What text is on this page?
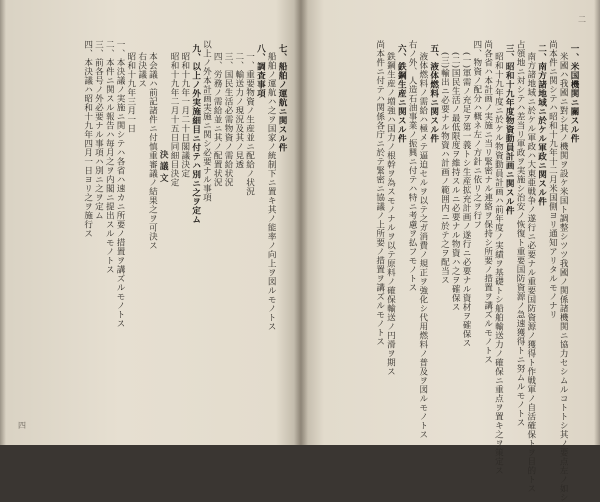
二
一、米国機関ニ關スル件
米國ハ我國ニ對シ其ノ機関ヲ設ケ米国ト調整シツツ我國ノ関係諸機関ニ協力セシムルコトトシ其ノ要点左ノ如シ
尚本件ニ関シテハ昭和十九年十二月米国側ヨリ通知アリタルモノナリ
二、南方諸地域ニ於ケル軍政ニ関スル件
南方諸地域ニ於ケル軍政ハ大東亜戦争ノ遂行ニ必要ナル重要国防資源ノ獲得ト作戦軍ノ自活確保トヲ目的トス
占領地ニ対シテハ差当リ軍政ヲ実施シ治安ノ恢復ト重要国防資源ノ急速獲得トニ努ムルモノトス
三、昭和十九年度物資動員計画ニ関スル件
昭和十九年度ニ於ケル物資動員計画ハ前年度ノ実績ヲ基礎トシ船舶輸送力ノ確保ニ重点ヲ置キ之ヲ策定ス
尚各省ハ本計画ノ実施ニ当リ緊密ナル連絡ヲ保持シ所要ノ措置ヲ講ズルモノトス
四、物資ノ配分ハ概ネ左ノ方針ニ依リ之ヲ行フ
(一)軍需ノ充足ヲ第一義トシ生産拡充計画ノ遂行ニ必要ナル資材ヲ確保ス
(二)国民生活ノ最低限度ヲ維持スルニ必要ナル物資ハ之ヲ確保ス
(三)輸出ニ必要ナル物資ハ計画ノ範囲内ニ於テ之ヲ配当ス
五、液体燃料ニ関スル件
液体燃料ノ需給ハ極メテ逼迫セルヲ以テ之ガ消費ノ規正ヲ強化シ代用燃料ノ普及ヲ図ルモノトス
右ノ外、人造石油事業ノ振興ニ付テハ特ニ考慮ヲ払フモノトス
六、鉄鋼生産ニ関スル件
鉄鋼生産ノ増強ハ国力ノ根幹ヲ為スモノナルヲ以テ原料ノ確保輸送ノ円滑ヲ期ス
尚本件ニ付テハ関係各庁ニ於テ緊密ニ協議ノ上所要ノ措置ヲ講ズルモノトス
四
七、船舶ノ運航ニ関スル件
船舶ノ運航ハ之ヲ国家ノ統制下ニ置キ其ノ能率ノ向上ヲ図ルモノトス
八、調査事項
一、重要物資ノ生産並ニ配給ノ状況
二、輸送力ノ現況及其ノ見透
三、国民生活必需物資ノ需給状況
四、労務ノ需給並ニ其ノ配置状況
以上ノ外本計画実施ニ関シ必要ナル事項
九、以上ノ外実施細目ニ付テハ別ニ之ヲ定ム
昭和十九年一月二十日閣議決定
昭和十九年二月十五日同細目決定
決議文
本会議ハ前記諸件ニ付慎重審議ノ結果之ヲ可決ス
右決議ス
昭和十九年三月一日
一、本決議ノ実施ニ関シテハ各省ハ速カニ所要ノ措置ヲ講ズルモノトス
二、本件ニ関スル報告ハ毎月之ヲ内閣ニ提出スルモノトス
三、前各号ノ外必要ナル事項ハ別ニ之ヲ定ム
四、本決議ハ昭和十九年四月一日ヨリ之ヲ施行ス
